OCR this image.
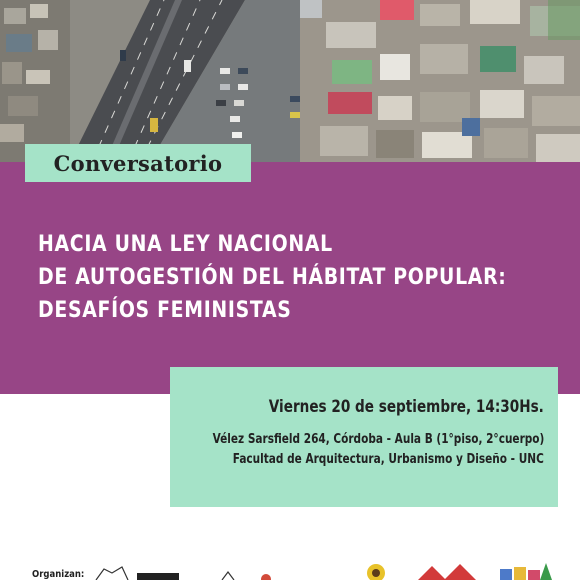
Conversatorio
HACIA UNA LEY NACIONAL
DE AUTOGESTIÓN DEL HÁBITAT POPULAR:
DESAFÍOS FEMINISTAS
Viernes 20 de septiembre, 14:30Hs.
Vélez Sarsfield 264, Córdoba - Aula B (1°piso, 2°cuerpo)
Facultad de Arquitectura, Urbanismo y Diseño - UNC
Organizan:
